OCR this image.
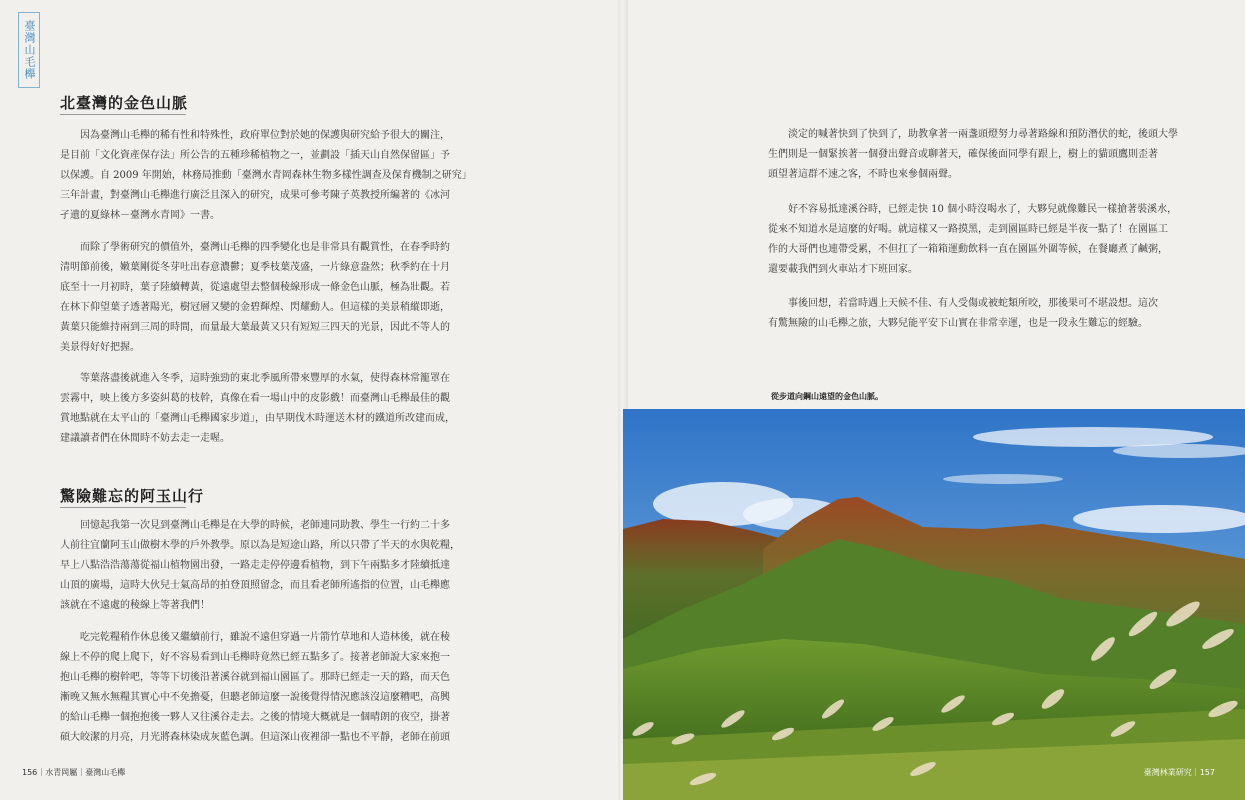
臺灣山毛櫸
北臺灣的金色山脈

因為臺灣山毛櫸的稀有性和特殊性，政府單位對於她的保護與研究給予很大的關注，
是目前「文化資產保存法」所公告的五種珍稀植物之一，並劃設「插天山自然保留區」予
以保護。自 2009 年開始，林務局推動「臺灣水青岡森林生物多樣性調查及保育機制之研究」
三年計畫，對臺灣山毛櫸進行廣泛且深入的研究，成果可參考陳子英教授所編著的《冰河
孑遺的夏綠林－臺灣水青岡》一書。

而除了學術研究的價值外，臺灣山毛櫸的四季變化也是非常具有觀賞性，在春季時約
清明節前後，嫩葉剛從冬芽吐出春意濃鬱；夏季枝葉茂盛，一片綠意盎然；秋季約在十月
底至十一月初時，葉子陸續轉黃，從遠處望去整個稜線形成一條金色山脈，極為壯觀。若
在林下仰望葉子透著陽光，樹冠層又變的金碧輝煌、閃耀動人。但這樣的美景稍縱即逝，
黃葉只能維持兩到三周的時間，而量最大葉最黃又只有短短三四天的光景，因此不等人的
美景得好好把握。

等葉落盡後就進入冬季，這時強勁的東北季風所帶來豐厚的水氣，使得森林常籠罩在
雲霧中，映上後方多姿糾葛的枝幹，真像在看一場山中的皮影戲！而臺灣山毛櫸最佳的觀
賞地點就在太平山的「臺灣山毛櫸國家步道」，由早期伐木時運送木材的鐵道所改建而成，
建議讀者們在休閒時不妨去走一走喔。

驚險難忘的阿玉山行

回憶起我第一次見到臺灣山毛櫸是在大學的時候，老師連同助教、學生一行約二十多
人前往宜蘭阿玉山做樹木學的戶外教學。原以為是短途山路，所以只帶了半天的水與乾糧，
早上八點浩浩蕩蕩從福山植物園出發，一路走走停停邊看植物，到下午兩點多才陸續抵達
山頂的廣場，這時大伙兒士氣高昂的拍登頂照留念，而且看老師所遙指的位置，山毛櫸應
該就在不遠處的稜線上等著我們！

吃完乾糧稍作休息後又繼續前行，雖說不遠但穿過一片箭竹草地和人造林後，就在稜
線上不停的爬上爬下，好不容易看到山毛櫸時竟然已經五點多了。接著老師說大家來抱一
抱山毛櫸的樹幹吧，等等下切後沿著溪谷就到福山園區了。那時已經走一天的路，而天色
漸晚又無水無糧其實心中不免擔憂，但聽老師這麼一說後覺得情況應該沒這麼糟吧，高興
的給山毛櫸一個抱抱後一夥人又往溪谷走去。之後的情境大概就是一個晴朗的夜空，掛著
碩大皎潔的月亮，月光將森林染成灰藍色調。但這深山夜裡卻一點也不平靜，老師在前頭

156｜水青岡屬｜臺灣山毛櫸

淡定的喊著快到了快到了，助教拿著一兩盞頭燈努力尋著路線和預防潛伏的蛇，後頭大學
生們則是一個緊挨著一個發出聲音或聊著天，確保後面同學有跟上，樹上的貓頭鷹則歪著
頭望著這群不速之客，不時也來參個兩聲。

好不容易抵達溪谷時，已經走快 10 個小時沒喝水了，大夥兒就像難民一樣搶著裝溪水，
從來不知道水是這麼的好喝。就這樣又一路摸黑，走到園區時已經是半夜一點了！在園區工
作的大哥們也連帶受累，不但扛了一箱箱運動飲料一直在園區外圍等候，在餐廳煮了鹹粥，
還要載我們到火車站才下班回家。

事後回想，若當時遇上天候不佳、有人受傷或被蛇類所咬，那後果可不堪設想。這次
有驚無險的山毛櫸之旅，大夥兒能平安下山實在非常幸運，也是一段永生難忘的經驗。

從步道向鋼山遠望的金色山脈。
臺灣林業研究｜157
